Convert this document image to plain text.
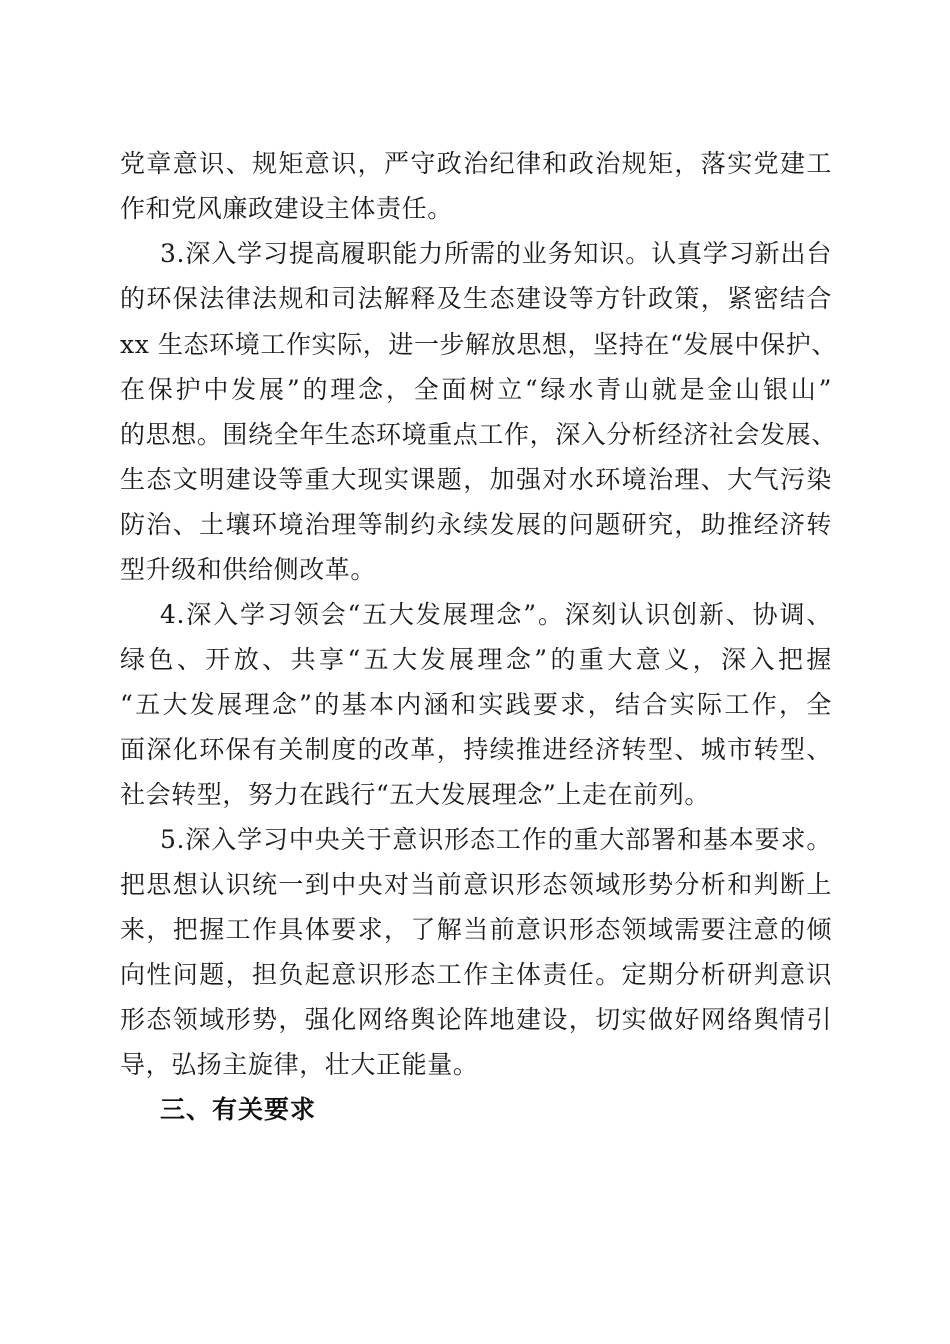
党章意识、规矩意识，严守政治纪律和政治规矩，落实党建工
作和党风廉政建设主体责任。
3.深入学习提高履职能力所需的业务知识。认真学习新出台
的环保法律法规和司法解释及生态建设等方针政策，紧密结合
xx 生态环境工作实际，进一步解放思想，坚持在“发展中保护、
在保护中发展”的理念，全面树立“绿水青山就是金山银山”
的思想。围绕全年生态环境重点工作，深入分析经济社会发展、
生态文明建设等重大现实课题，加强对水环境治理、大气污染
防治、土壤环境治理等制约永续发展的问题研究，助推经济转
型升级和供给侧改革。
4.深入学习领会“五大发展理念”。深刻认识创新、协调、
绿色、开放、共享“五大发展理念”的重大意义，深入把握
“五大发展理念”的基本内涵和实践要求，结合实际工作，全
面深化环保有关制度的改革，持续推进经济转型、城市转型、
社会转型，努力在践行“五大发展理念”上走在前列。
5.深入学习中央关于意识形态工作的重大部署和基本要求。
把思想认识统一到中央对当前意识形态领域形势分析和判断上
来，把握工作具体要求，了解当前意识形态领域需要注意的倾
向性问题，担负起意识形态工作主体责任。定期分析研判意识
形态领域形势，强化网络舆论阵地建设，切实做好网络舆情引
导，弘扬主旋律，壮大正能量。
三、有关要求
